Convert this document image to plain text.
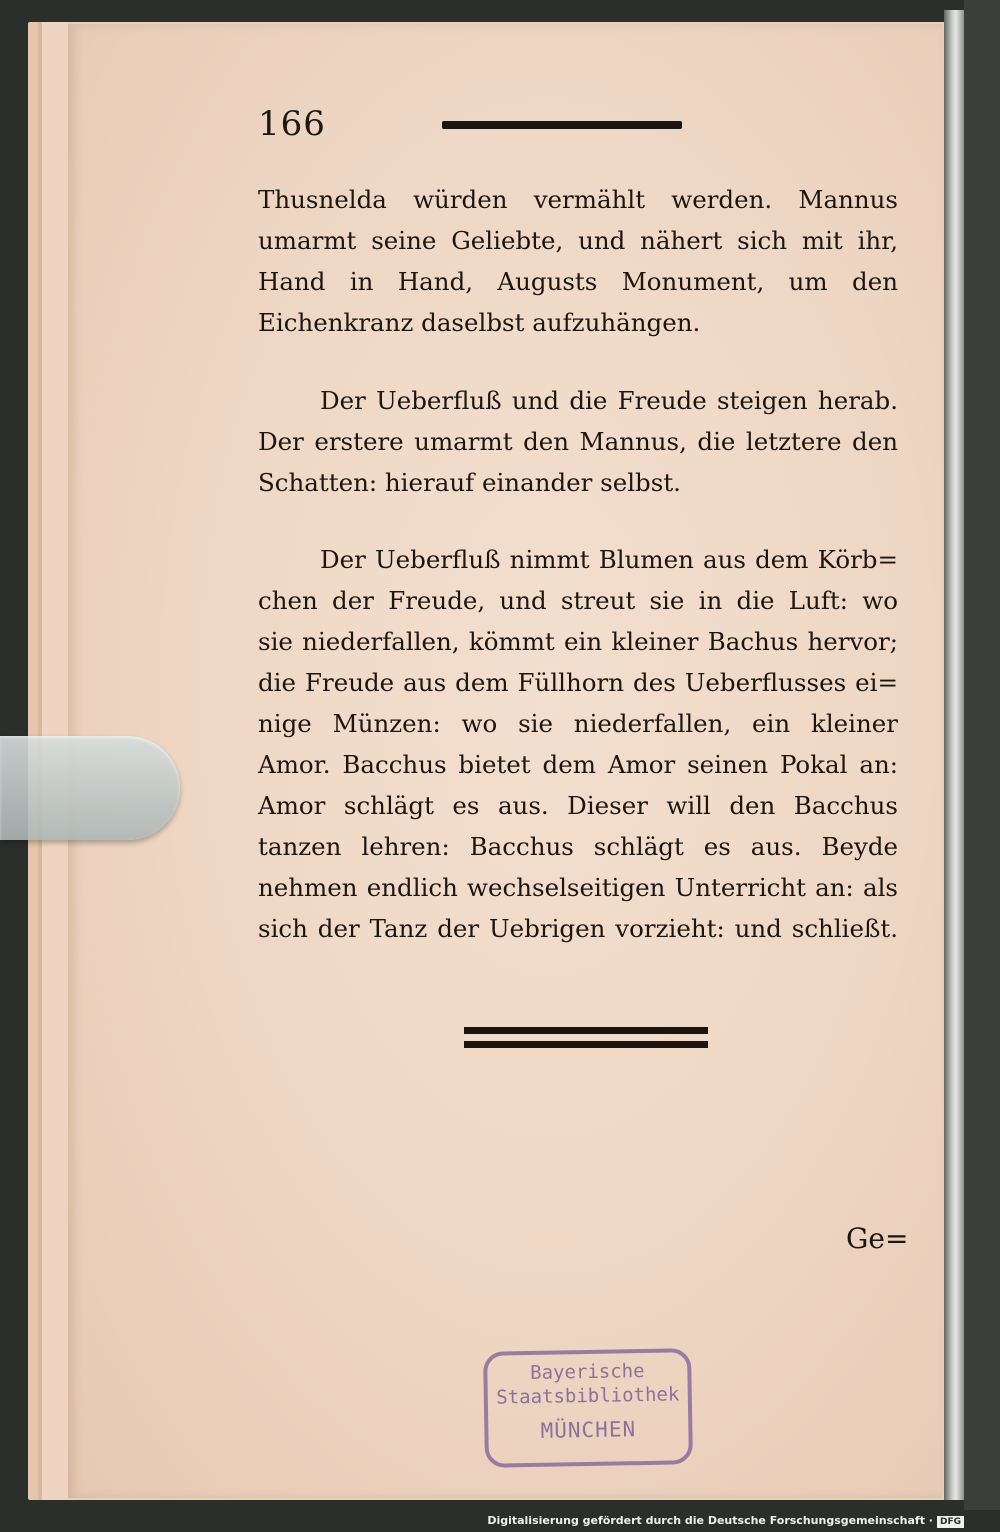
166
Thusnelda würden vermählt werden. Mannus
umarmt seine Geliebte, und nähert sich mit ihr,
Hand in Hand, Augusts Monument, um den
Eichenkranz daselbst aufzuhängen.
Der Ueberfluß und die Freude steigen herab.
Der erstere umarmt den Mannus, die letztere den
Schatten: hierauf einander selbst.
Der Ueberfluß nimmt Blumen aus dem Körb=
chen der Freude, und streut sie in die Luft: wo
sie niederfallen, kömmt ein kleiner Bachus hervor;
die Freude aus dem Füllhorn des Ueberflusses ei=
nige Münzen: wo sie niederfallen, ein kleiner
Amor. Bacchus bietet dem Amor seinen Pokal an:
Amor schlägt es aus. Dieser will den Bacchus
tanzen lehren: Bacchus schlägt es aus. Beyde
nehmen endlich wechselseitigen Unterricht an: als
sich der Tanz der Uebrigen vorzieht: und schließt.
Ge=
Bayerische
Staatsbibliothek
MÜNCHEN
Digitalisierung gefördert durch die Deutsche Forschungsgemeinschaft · DFG
